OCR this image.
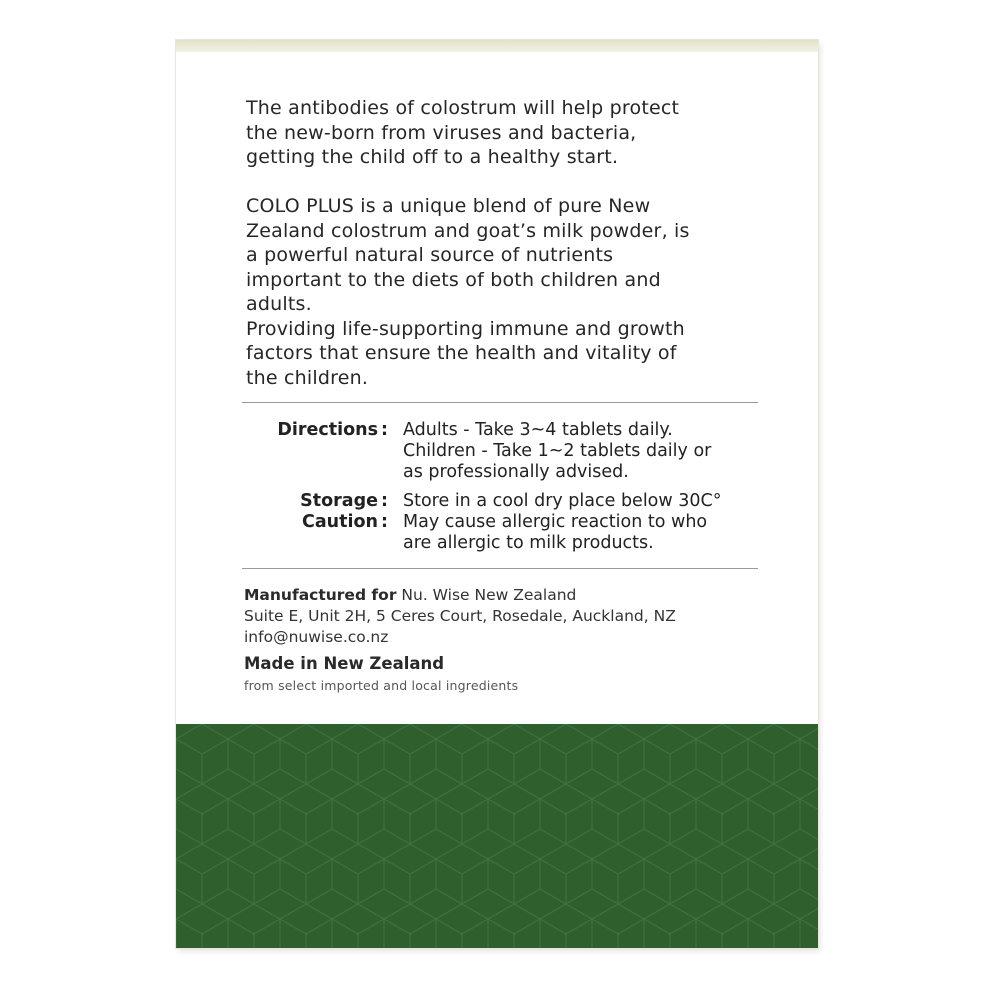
The antibodies of colostrum will help protect
the new-born from viruses and bacteria,
getting the child off to a healthy start.
COLO PLUS is a unique blend of pure New
Zealand colostrum and goat’s milk powder, is
a powerful natural source of nutrients
important to the diets of both children and
adults.
Providing life-supporting immune and growth
factors that ensure the health and vitality of
the children.
Directions : Adults - Take 3~4 tablets daily.
Children - Take 1~2 tablets daily or
as professionally advised.
Storage : Store in a cool dry place below 30C°
Caution : May cause allergic reaction to who
are allergic to milk products.
Manufactured for Nu. Wise New Zealand
Suite E, Unit 2H, 5 Ceres Court, Rosedale, Auckland, NZ
info@nuwise.co.nz
Made in New Zealand
from select imported and local ingredients
